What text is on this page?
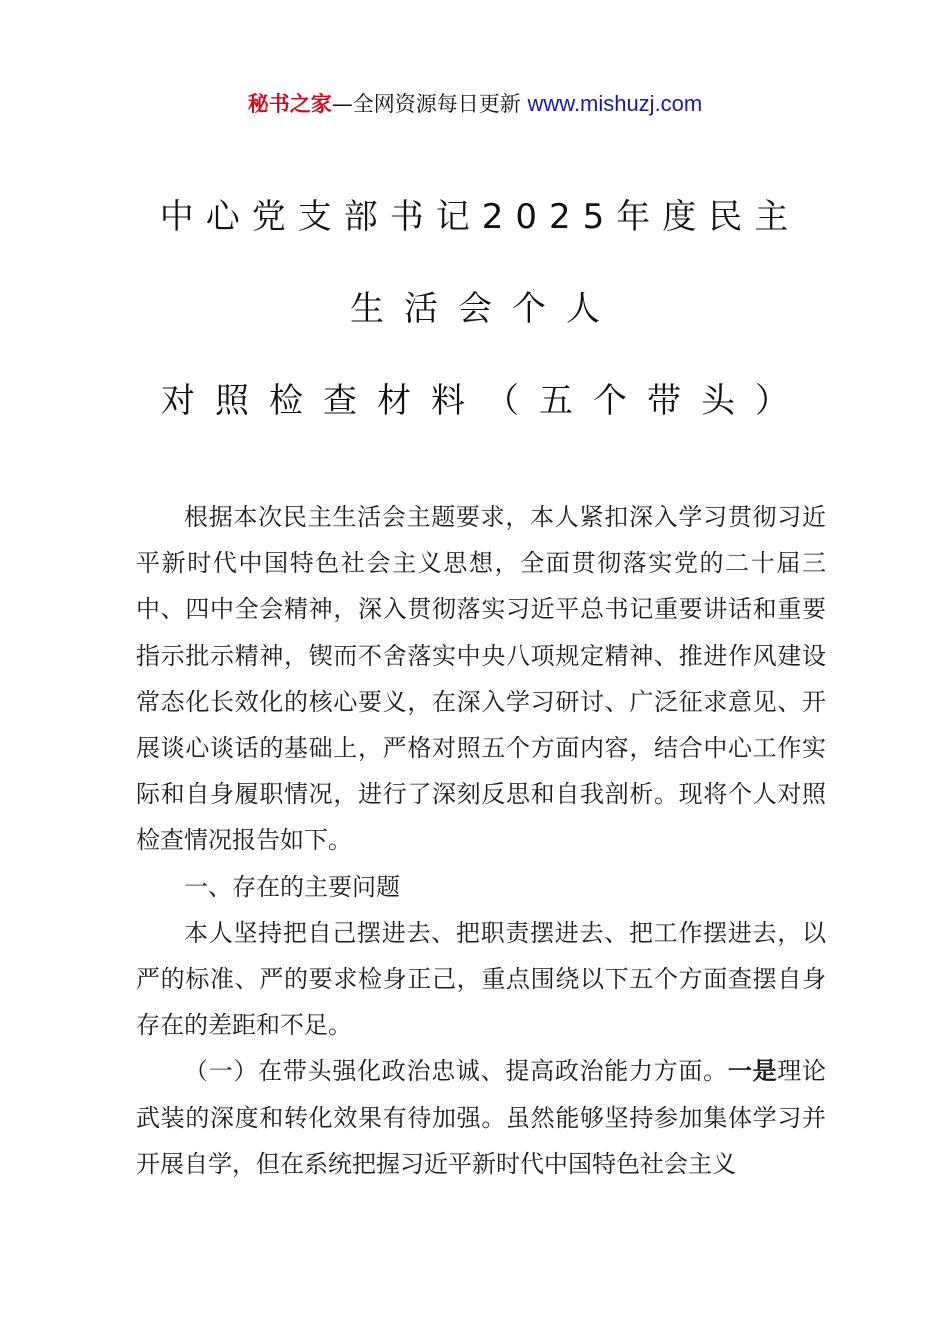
秘书之家—全网资源每日更新 www.mishuzj.com
中心党支部书记2025年度民主
生活会个人
对照检查材料（五个带头）

根据本次民主生活会主题要求，本人紧扣深入学习贯彻习近平新时代中国特色社会主义思想，全面贯彻落实党的二十届三中、四中全会精神，深入贯彻落实习近平总书记重要讲话和重要指示批示精神，锲而不舍落实中央八项规定精神、推进作风建设常态化长效化的核心要义，在深入学习研讨、广泛征求意见、开展谈心谈话的基础上，严格对照五个方面内容，结合中心工作实际和自身履职情况，进行了深刻反思和自我剖析。现将个人对照检查情况报告如下。

一、存在的主要问题

本人坚持把自己摆进去、把职责摆进去、把工作摆进去，以严的标准、严的要求检身正己，重点围绕以下五个方面查摆自身存在的差距和不足。

（一）在带头强化政治忠诚、提高政治能力方面。一是理论武装的深度和转化效果有待加强。虽然能够坚持参加集体学习并开展自学，但在系统把握习近平新时代中国特色社会主义
